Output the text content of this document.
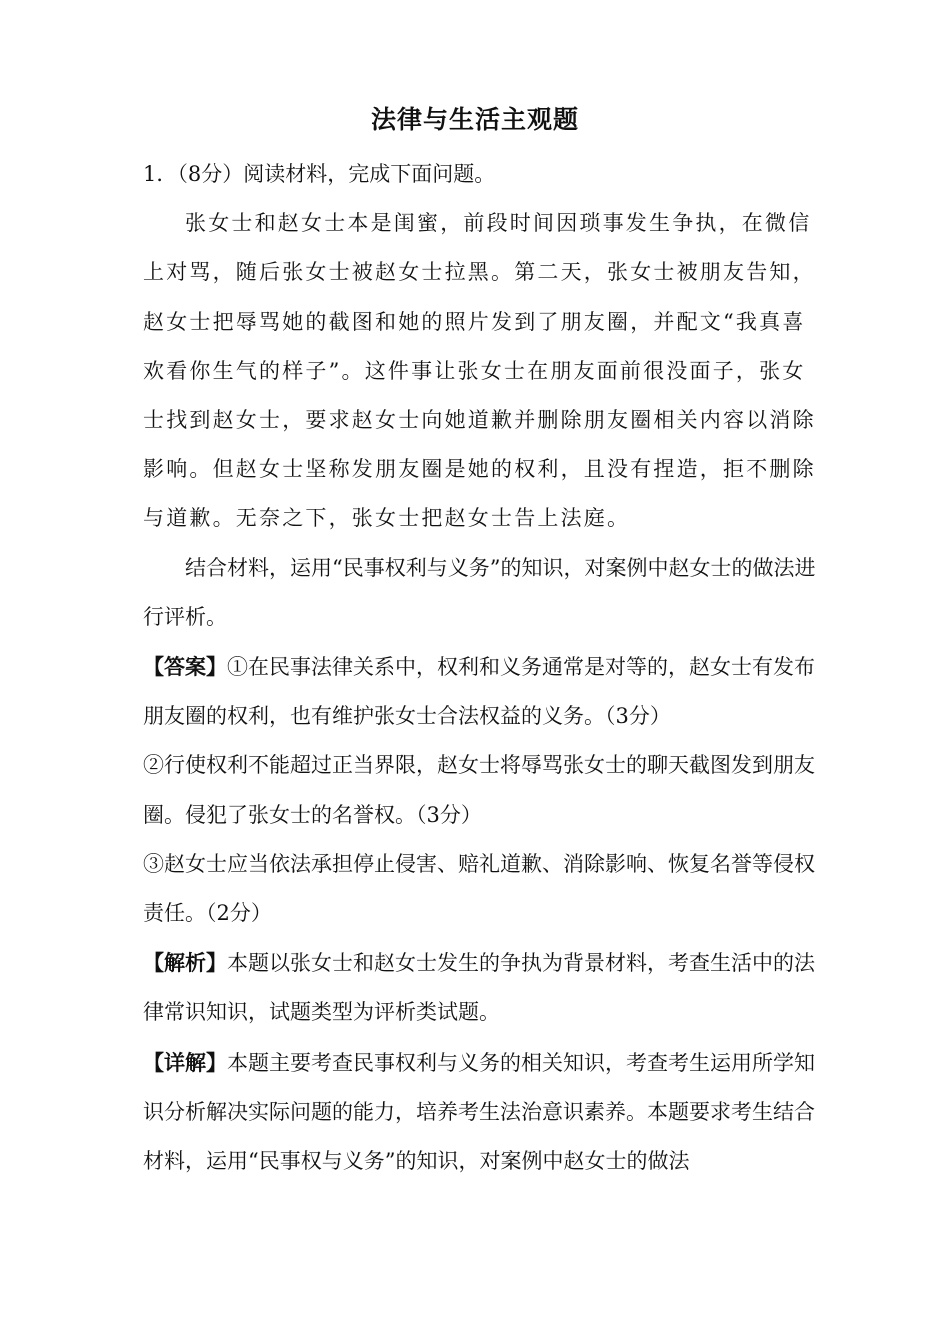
法律与生活主观题

1．（8分）阅读材料，完成下面问题。

张女士和赵女士本是闺蜜，前段时间因琐事发生争执，在微信上对骂，随后张女士被赵女士拉黑。第二天，张女士被朋友告知，赵女士把辱骂她的截图和她的照片发到了朋友圈，并配文“我真喜欢看你生气的样子”。这件事让张女士在朋友面前很没面子，张女士找到赵女士，要求赵女士向她道歉并删除朋友圈相关内容以消除影响。但赵女士坚称发朋友圈是她的权利，且没有捏造，拒不删除与道歉。无奈之下，张女士把赵女士告上法庭。

结合材料，运用“民事权利与义务”的知识，对案例中赵女士的做法进行评析。

【答案】①在民事法律关系中，权利和义务通常是对等的，赵女士有发布朋友圈的权利，也有维护张女士合法权益的义务。（3分）

②行使权利不能超过正当界限，赵女士将辱骂张女士的聊天截图发到朋友圈。侵犯了张女士的名誉权。（3分）

③赵女士应当依法承担停止侵害、赔礼道歉、消除影响、恢复名誉等侵权责任。（2分）

【解析】本题以张女士和赵女士发生的争执为背景材料，考查生活中的法律常识知识，试题类型为评析类试题。

【详解】本题主要考查民事权利与义务的相关知识，考查考生运用所学知识分析解决实际问题的能力，培养考生法治意识素养。本题要求考生结合材料，运用“民事权与义务”的知识，对案例中赵女士的做法
